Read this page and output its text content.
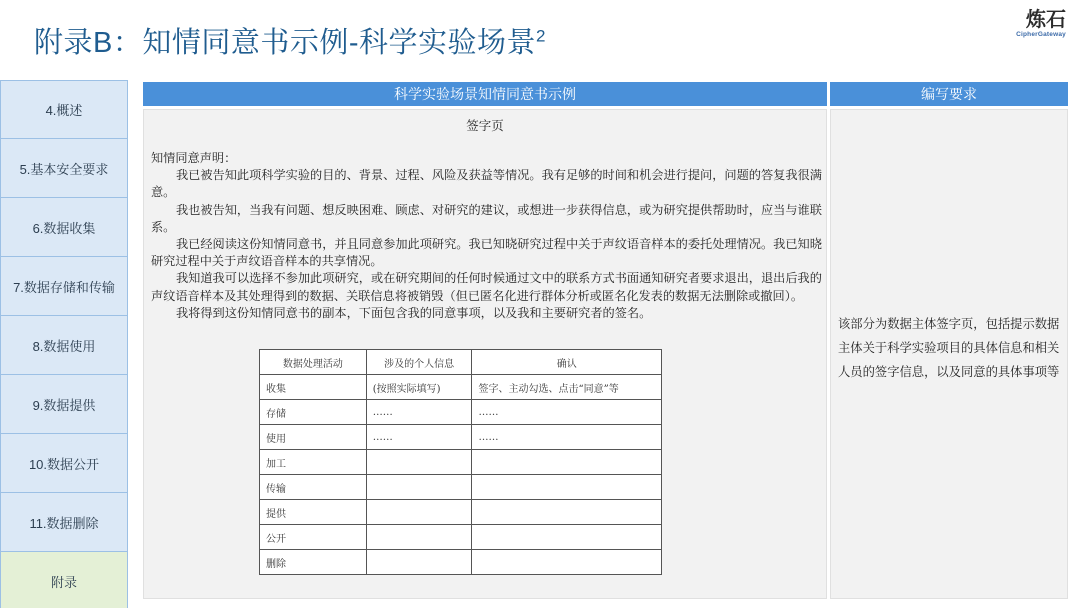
附录B：知情同意书示例-科学实验场景$^2$
炼石
CipherGateway
4.概述
5.基本安全要求
6.数据收集
7.数据存储和传输
8.数据使用
9.数据提供
10.数据公开
11.数据删除
附录
科学实验场景知情同意书示例	编写要求
签字页

知情同意声明：

我已被告知此项科学实验的目的、背景、过程、风险及获益等情况。我有足够的时间和机会进行提问，问题的答复我很满意。

我也被告知，当我有问题、想反映困难、顾虑、对研究的建议，或想进一步获得信息，或为研究提供帮助时，应当与谁联系。

我已经阅读这份知情同意书，并且同意参加此项研究。我已知晓研究过程中关于声纹语音样本的委托处理情况。我已知晓研究过程中关于声纹语音样本的共享情况。

我知道我可以选择不参加此项研究，或在研究期间的任何时候通过文中的联系方式书面通知研究者要求退出，退出后我的声纹语音样本及其处理得到的数据、关联信息将被销毁（但已匿名化进行群体分析或匿名化发表的数据无法删除或撤回）。

我将得到这份知情同意书的副本，下面包含我的同意事项，以及我和主要研究者的签名。

数据处理活动	涉及的个人信息	确认
收集	(按照实际填写)	签字、主动勾选、点击“同意”等
存储	……	……
使用	……	……
加工		
传输		
提供		
公开		
删除		
该部分为数据主体签字页，包括提示数据主体关于科学实验项目的具体信息和相关人员的签字信息，以及同意的具体事项等
